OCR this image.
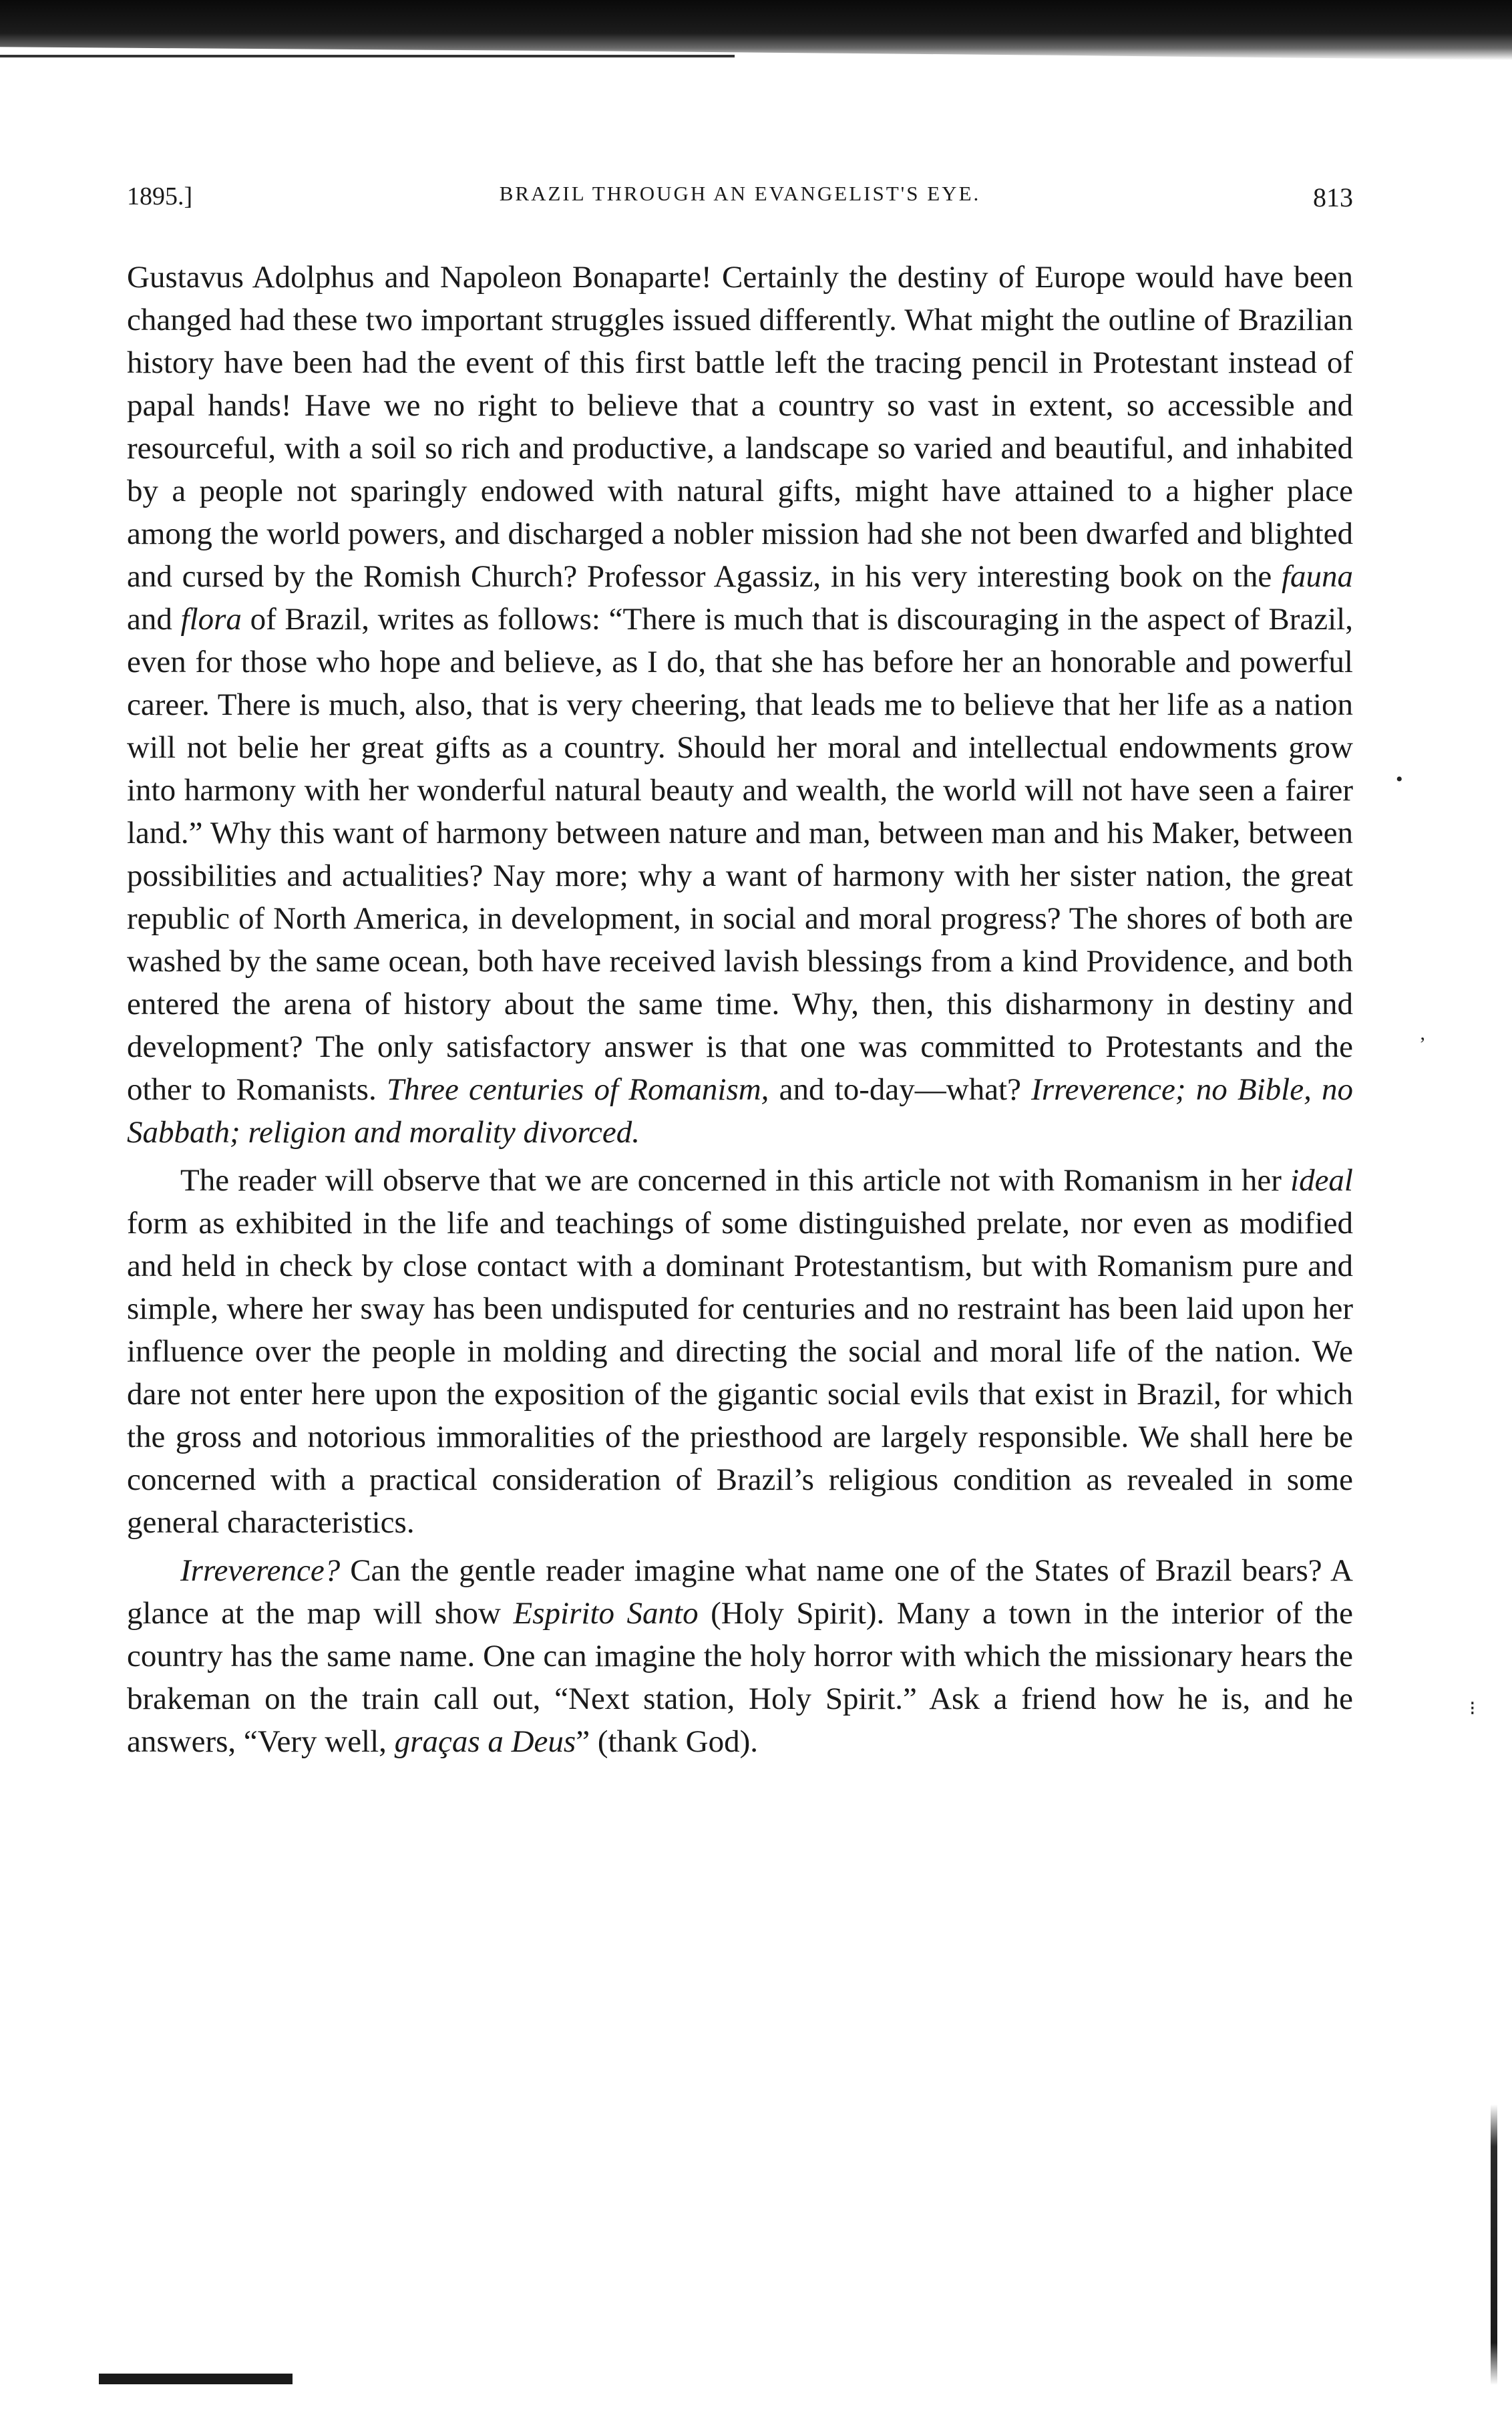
•
‚
⁝
1895.]	BRAZIL THROUGH AN EVANGELIST'S EYE.	813

Gustavus Adolphus and Napoleon Bonaparte! Certainly the destiny of Europe would have been changed had these two important struggles issued differently. What might the outline of Brazilian history have been had the event of this first battle left the tracing pencil in Protestant instead of papal hands! Have we no right to believe that a country so vast in extent, so accessible and resourceful, with a soil so rich and productive, a landscape so varied and beautiful, and inhabited by a people not sparingly endowed with natural gifts, might have attained to a higher place among the world powers, and discharged a nobler mission had she not been dwarfed and blighted and cursed by the Romish Church? Professor Agassiz, in his very interesting book on the fauna and flora of Brazil, writes as follows: “There is much that is discouraging in the aspect of Brazil, even for those who hope and believe, as I do, that she has before her an honorable and powerful career. There is much, also, that is very cheering, that leads me to believe that her life as a nation will not belie her great gifts as a country. Should her moral and intellectual endowments grow into harmony with her wonderful natural beauty and wealth, the world will not have seen a fairer land.” Why this want of harmony between nature and man, between man and his Maker, between possibilities and actualities? Nay more; why a want of harmony with her sister nation, the great republic of North America, in development, in social and moral progress? The shores of both are washed by the same ocean, both have received lavish blessings from a kind Providence, and both entered the arena of history about the same time. Why, then, this disharmony in destiny and development? The only satisfactory answer is that one was committed to Protestants and the other to Romanists. Three centuries of Romanism, and to-day—what? Irreverence; no Bible, no Sabbath; religion and morality divorced.

The reader will observe that we are concerned in this article not with Romanism in her ideal form as exhibited in the life and teachings of some distinguished prelate, nor even as modified and held in check by close contact with a dominant Protestantism, but with Romanism pure and simple, where her sway has been undisputed for centuries and no restraint has been laid upon her influence over the people in molding and directing the social and moral life of the nation. We dare not enter here upon the exposition of the gigantic social evils that exist in Brazil, for which the gross and notorious immoralities of the priesthood are largely responsible. We shall here be concerned with a practical consideration of Brazil’s religious condition as revealed in some general characteristics.

Irreverence? Can the gentle reader imagine what name one of the States of Brazil bears? A glance at the map will show Espirito Santo (Holy Spirit). Many a town in the interior of the country has the same name. One can imagine the holy horror with which the missionary hears the brakeman on the train call out, “Next station, Holy Spirit.” Ask a friend how he is, and he answers, “Very well, graças a Deus” (thank God).
